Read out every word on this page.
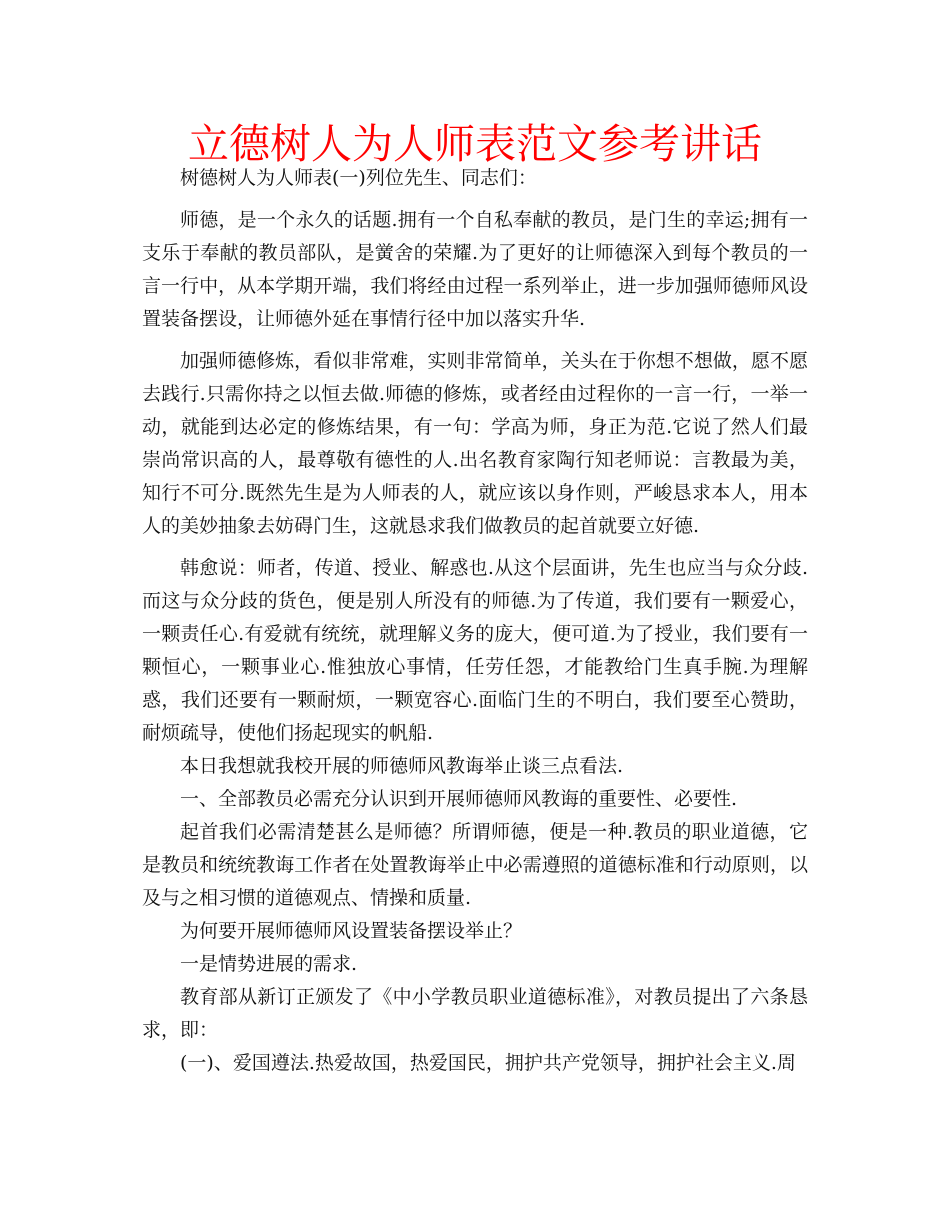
立德树人为人师表范文参考讲话

树德树人为人师表(一)列位先生、同志们：

师德，是一个永久的话题.拥有一个自私奉献的教员，是门生的幸运;拥有一支乐于奉献的教员部队，是黉舍的荣耀.为了更好的让师德深入到每个教员的一言一行中，从本学期开端，我们将经由过程一系列举止，进一步加强师德师风设置装备摆设，让师德外延在事情行径中加以落实升华.

加强师德修炼，看似非常难，实则非常简单，关头在于你想不想做，愿不愿去践行.只需你持之以恒去做.师德的修炼，或者经由过程你的一言一行，一举一动，就能到达必定的修炼结果，有一句：学高为师，身正为范.它说了然人们最崇尚常识高的人，最尊敬有德性的人.出名教育家陶行知老师说：言教最为美，知行不可分.既然先生是为人师表的人，就应该以身作则，严峻恳求本人，用本人的美妙抽象去妨碍门生，这就恳求我们做教员的起首就要立好德.

韩愈说：师者，传道、授业、解惑也.从这个层面讲，先生也应当与众分歧.而这与众分歧的货色，便是别人所没有的师德.为了传道，我们要有一颗爱心，一颗责任心.有爱就有统统，就理解义务的庞大，便可道.为了授业，我们要有一颗恒心，一颗事业心.惟独放心事情，任劳任怨，才能教给门生真手腕.为理解惑，我们还要有一颗耐烦，一颗宽容心.面临门生的不明白，我们要至心赞助，耐烦疏导，使他们扬起现实的帆船.

本日我想就我校开展的师德师风教诲举止谈三点看法.

一、全部教员必需充分认识到开展师德师风教诲的重要性、必要性.

起首我们必需清楚甚么是师德？所谓师德，便是一种.教员的职业道德，它是教员和统统教诲工作者在处置教诲举止中必需遵照的道德标准和行动原则，以及与之相习惯的道德观点、情操和质量.

为何要开展师德师风设置装备摆设举止？

一是情势进展的需求.

教育部从新订正颁发了《中小学教员职业道德标准》，对教员提出了六条恳求，即：

(一)、爱国遵法.热爱故国，热爱国民，拥护共产党领导，拥护社会主义.周
